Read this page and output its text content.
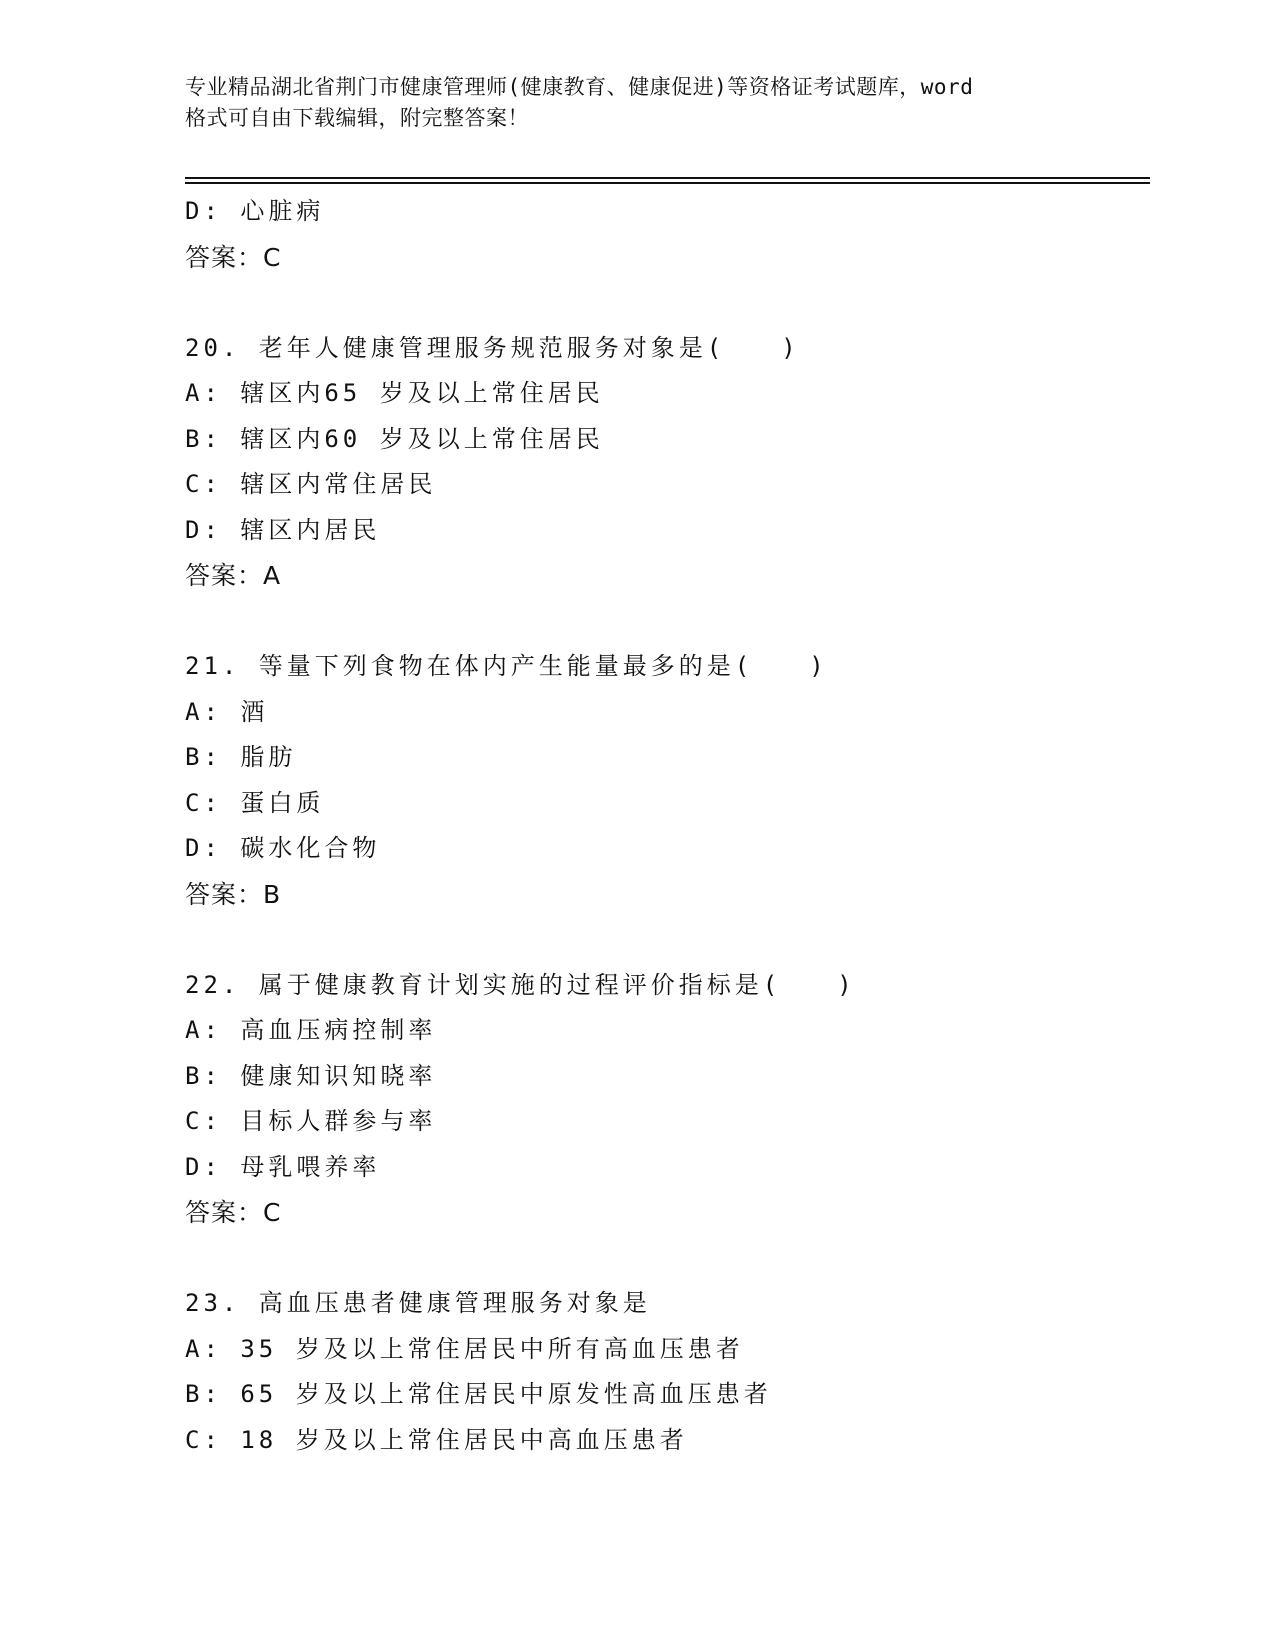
专业精品湖北省荆门市健康管理师(健康教育、健康促进)等资格证考试题库，word
格式可自由下载编辑，附完整答案！
D: 心脏病
答案：C
20. 老年人健康管理服务规范服务对象是(　　)
A: 辖区内65 岁及以上常住居民
B: 辖区内60 岁及以上常住居民
C: 辖区内常住居民
D: 辖区内居民
答案：A
21. 等量下列食物在体内产生能量最多的是(　　)
A: 酒
B: 脂肪
C: 蛋白质
D: 碳水化合物
答案：B
22. 属于健康教育计划实施的过程评价指标是(　　)
A: 高血压病控制率
B: 健康知识知晓率
C: 目标人群参与率
D: 母乳喂养率
答案：C
23. 高血压患者健康管理服务对象是
A: 35 岁及以上常住居民中所有高血压患者
B: 65 岁及以上常住居民中原发性高血压患者
C: 18 岁及以上常住居民中高血压患者
